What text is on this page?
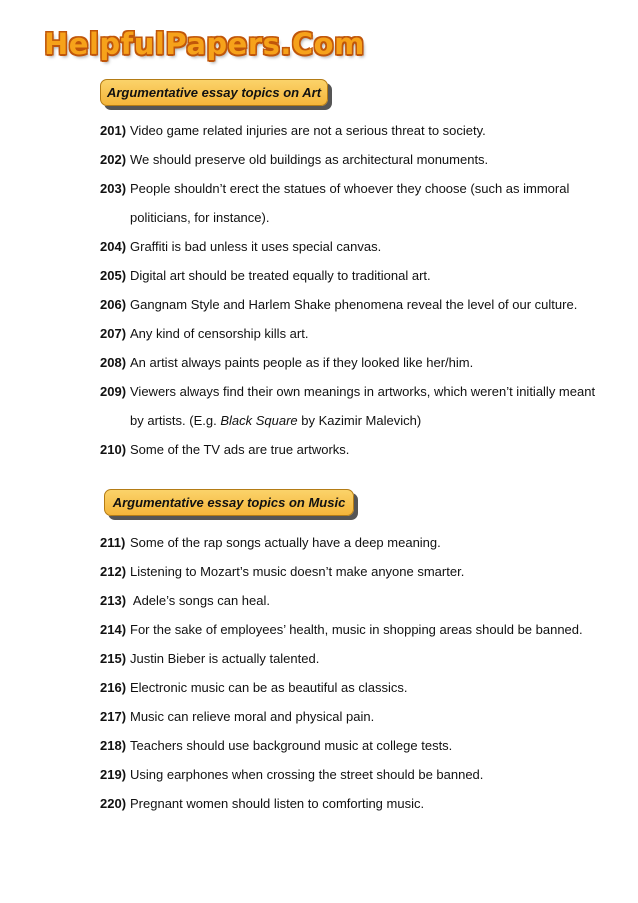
HelpfulPapers.Com
Argumentative essay topics on Art
201) Video game related injuries are not a serious threat to society.
202) We should preserve old buildings as architectural monuments.
203) People shouldn’t erect the statues of whoever they choose (such as immoral
politicians, for instance).
204) Graffiti is bad unless it uses special canvas.
205) Digital art should be treated equally to traditional art.
206) Gangnam Style and Harlem Shake phenomena reveal the level of our culture.
207) Any kind of censorship kills art.
208) An artist always paints people as if they looked like her/him.
209) Viewers always find their own meanings in artworks, which weren’t initially meant
by artists. (E.g. Black Square by Kazimir Malevich)
210) Some of the TV ads are true artworks.
Argumentative essay topics on Music
211) Some of the rap songs actually have a deep meaning.
212) Listening to Mozart’s music doesn’t make anyone smarter.
213) Adele’s songs can heal.
214) For the sake of employees’ health, music in shopping areas should be banned.
215) Justin Bieber is actually talented.
216) Electronic music can be as beautiful as classics.
217) Music can relieve moral and physical pain.
218) Teachers should use background music at college tests.
219) Using earphones when crossing the street should be banned.
220) Pregnant women should listen to comforting music.
